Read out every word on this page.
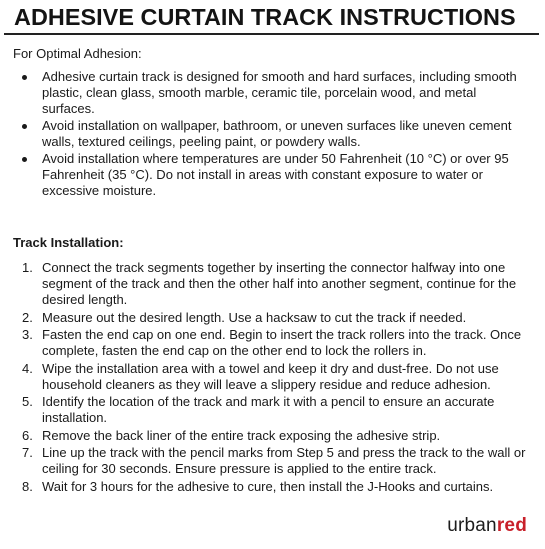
ADHESIVE CURTAIN TRACK INSTRUCTIONS
For Optimal Adhesion:
Adhesive curtain track is designed for smooth and hard surfaces, including smooth plastic, clean glass, smooth marble, ceramic tile, porcelain wood, and metal surfaces.
Avoid installation on wallpaper, bathroom, or uneven surfaces like uneven cement walls, textured ceilings, peeling paint, or powdery walls.
Avoid installation where temperatures are under 50 Fahrenheit (10 °C) or over 95 Fahrenheit (35 °C). Do not install in areas with constant exposure to water or excessive moisture.
Track Installation:
1. Connect the track segments together by inserting the connector halfway into one segment of the track and then the other half into another segment, continue for the desired length.
2. Measure out the desired length. Use a hacksaw to cut the track if needed.
3. Fasten the end cap on one end. Begin to insert the track rollers into the track. Once complete, fasten the end cap on the other end to lock the rollers in.
4. Wipe the installation area with a towel and keep it dry and dust-free. Do not use household cleaners as they will leave a slippery residue and reduce adhesion.
5. Identify the location of the track and mark it with a pencil to ensure an accurate installation.
6. Remove the back liner of the entire track exposing the adhesive strip.
7. Line up the track with the pencil marks from Step 5 and press the track to the wall or ceiling for 30 seconds. Ensure pressure is applied to the entire track.
8. Wait for 3 hours for the adhesive to cure, then install the J-Hooks and curtains.
urbanred
